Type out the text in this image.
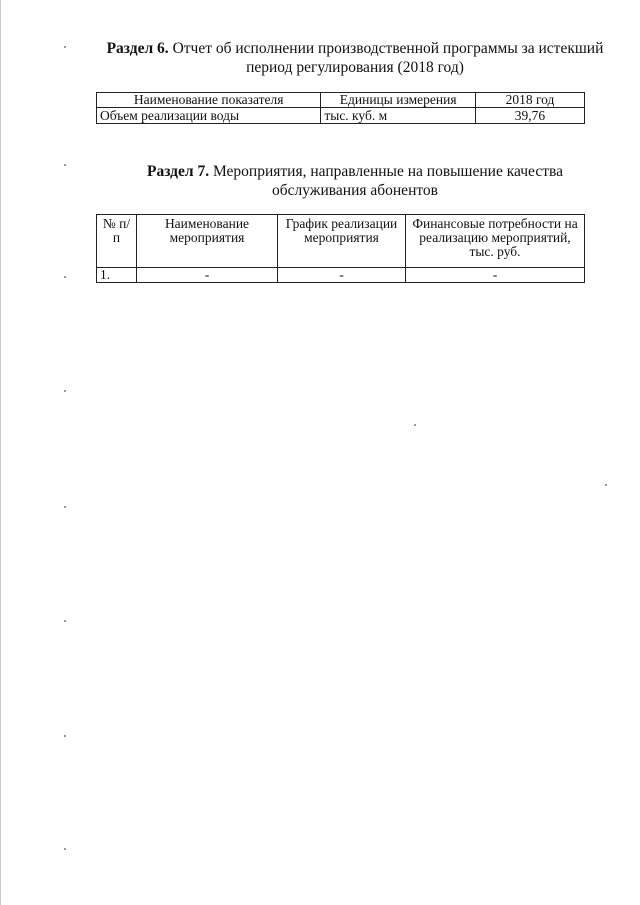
Раздел 6. Отчет об исполнении производственной программы за истекший период регулирования (2018 год)
Наименование показателя	Единицы измерения	2018 год
Объем реализации воды	тыс. куб. м	39,76
Раздел 7. Мероприятия, направленные на повышение качества обслуживания абонентов
№ п/п	Наименование мероприятия	График реализации мероприятия	Финансовые потребности на реализацию мероприятий, тыс. руб.
1.	-	-	-
